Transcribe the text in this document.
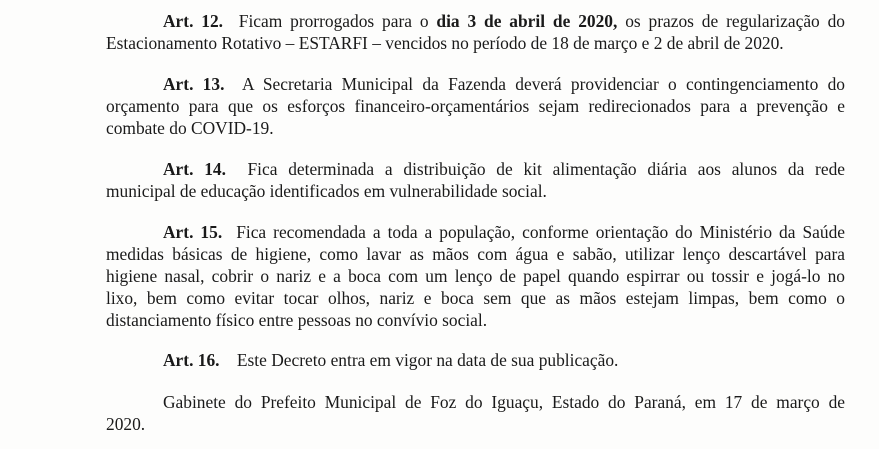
Art. 12. Ficam prorrogados para o dia 3 de abril de 2020, os prazos de regularização do
Estacionamento Rotativo – ESTARFI – vencidos no período de 18 de março e 2 de abril de 2020.
Art. 13. A Secretaria Municipal da Fazenda deverá providenciar o contingenciamento do
orçamento para que os esforços financeiro-orçamentários sejam redirecionados para a prevenção e
combate do COVID-19.
Art. 14. Fica determinada a distribuição de kit alimentação diária aos alunos da rede
municipal de educação identificados em vulnerabilidade social.
Art. 15. Fica recomendada a toda a população, conforme orientação do Ministério da Saúde
medidas básicas de higiene, como lavar as mãos com água e sabão, utilizar lenço descartável para
higiene nasal, cobrir o nariz e a boca com um lenço de papel quando espirrar ou tossir e jogá-lo no
lixo, bem como evitar tocar olhos, nariz e boca sem que as mãos estejam limpas, bem como o
distanciamento físico entre pessoas no convívio social.
Art. 16. Este Decreto entra em vigor na data de sua publicação.
Gabinete do Prefeito Municipal de Foz do Iguaçu, Estado do Paraná, em 17 de março de
2020.
